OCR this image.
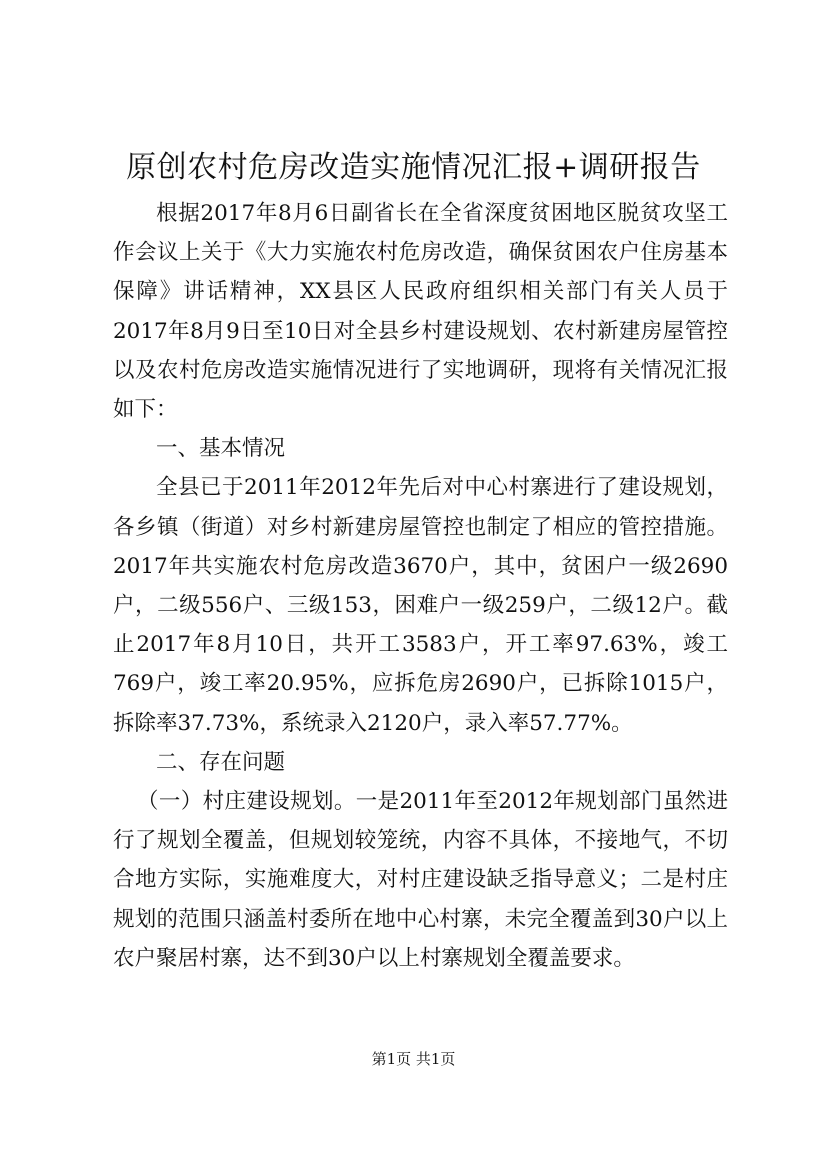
原创农村危房改造实施情况汇报+调研报告

根据2017年8月6日副省长在全省深度贫困地区脱贫攻坚工作会议上关于《大力实施农村危房改造，确保贫困农户住房基本保障》讲话精神，XX县区人民政府组织相关部门有关人员于2017年8月9日至10日对全县乡村建设规划、农村新建房屋管控以及农村危房改造实施情况进行了实地调研，现将有关情况汇报如下：

一、基本情况

全县已于2011年2012年先后对中心村寨进行了建设规划，各乡镇（街道）对乡村新建房屋管控也制定了相应的管控措施。2017年共实施农村危房改造3670户，其中，贫困户一级2690户，二级556户、三级153，困难户一级259户，二级12户。截止2017年8月10日，共开工3583户，开工率97.63%，竣工769户，竣工率20.95%，应拆危房2690户，已拆除1015户，拆除率37.73%，系统录入2120户，录入率57.77%。

二、存在问题

（一）村庄建设规划。一是2011年至2012年规划部门虽然进行了规划全覆盖，但规划较笼统，内容不具体，不接地气，不切合地方实际，实施难度大，对村庄建设缺乏指导意义；二是村庄规划的范围只涵盖村委所在地中心村寨，未完全覆盖到30户以上农户聚居村寨，达不到30户以上村寨规划全覆盖要求。

第1页 共1页
